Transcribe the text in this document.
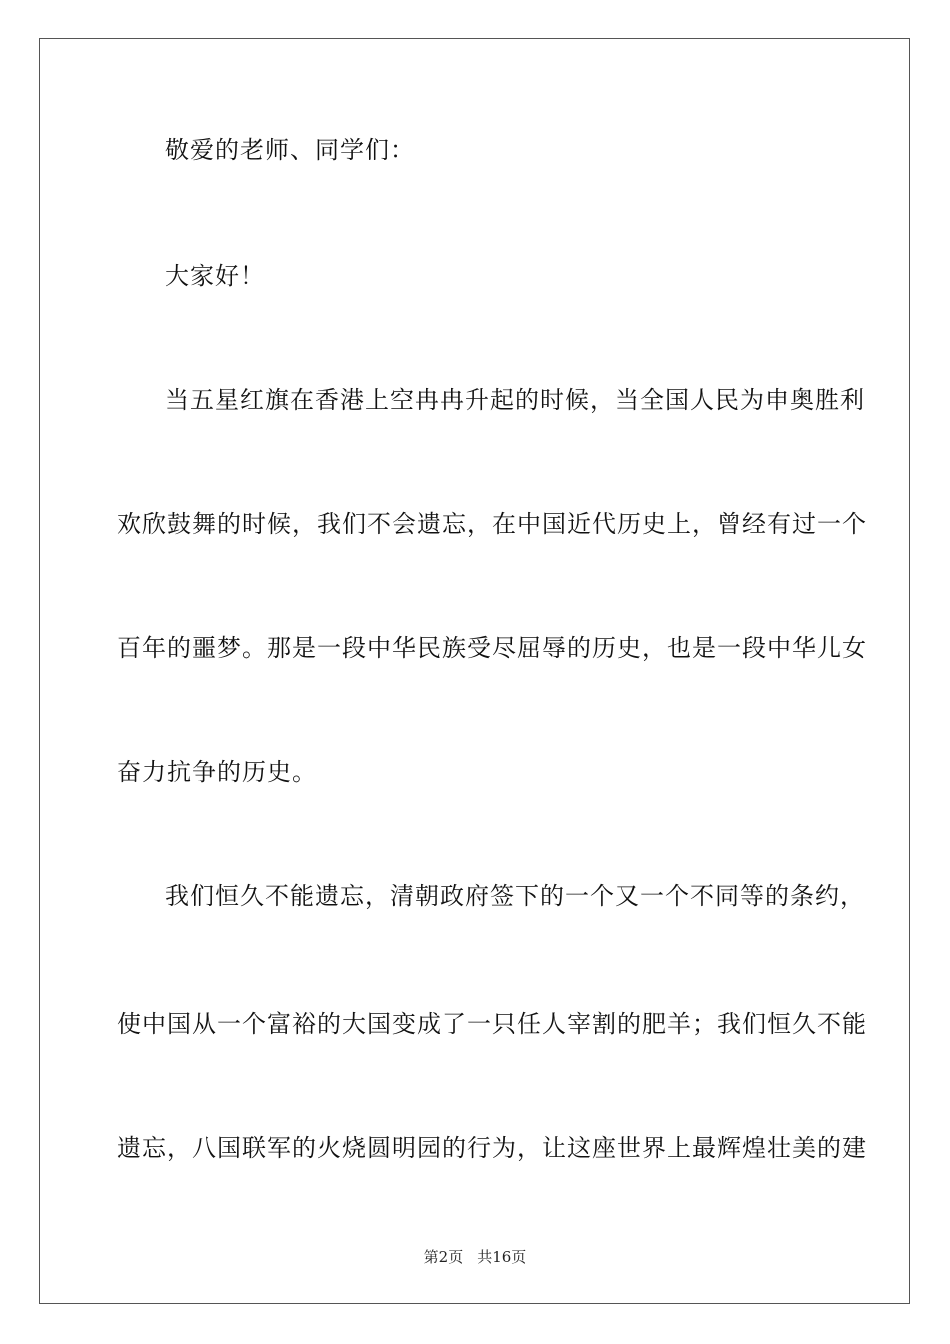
敬爱的老师、同学们：
大家好！
当五星红旗在香港上空冉冉升起的时候，当全国人民为申奥胜利
欢欣鼓舞的时候，我们不会遗忘，在中国近代历史上，曾经有过一个
百年的噩梦。那是一段中华民族受尽屈辱的历史，也是一段中华儿女
奋力抗争的历史。
我们恒久不能遗忘，清朝政府签下的一个又一个不同等的条约，
使中国从一个富裕的大国变成了一只任人宰割的肥羊；我们恒久不能
遗忘，八国联军的火烧圆明园的行为，让这座世界上最辉煌壮美的建
第2页 共16页
